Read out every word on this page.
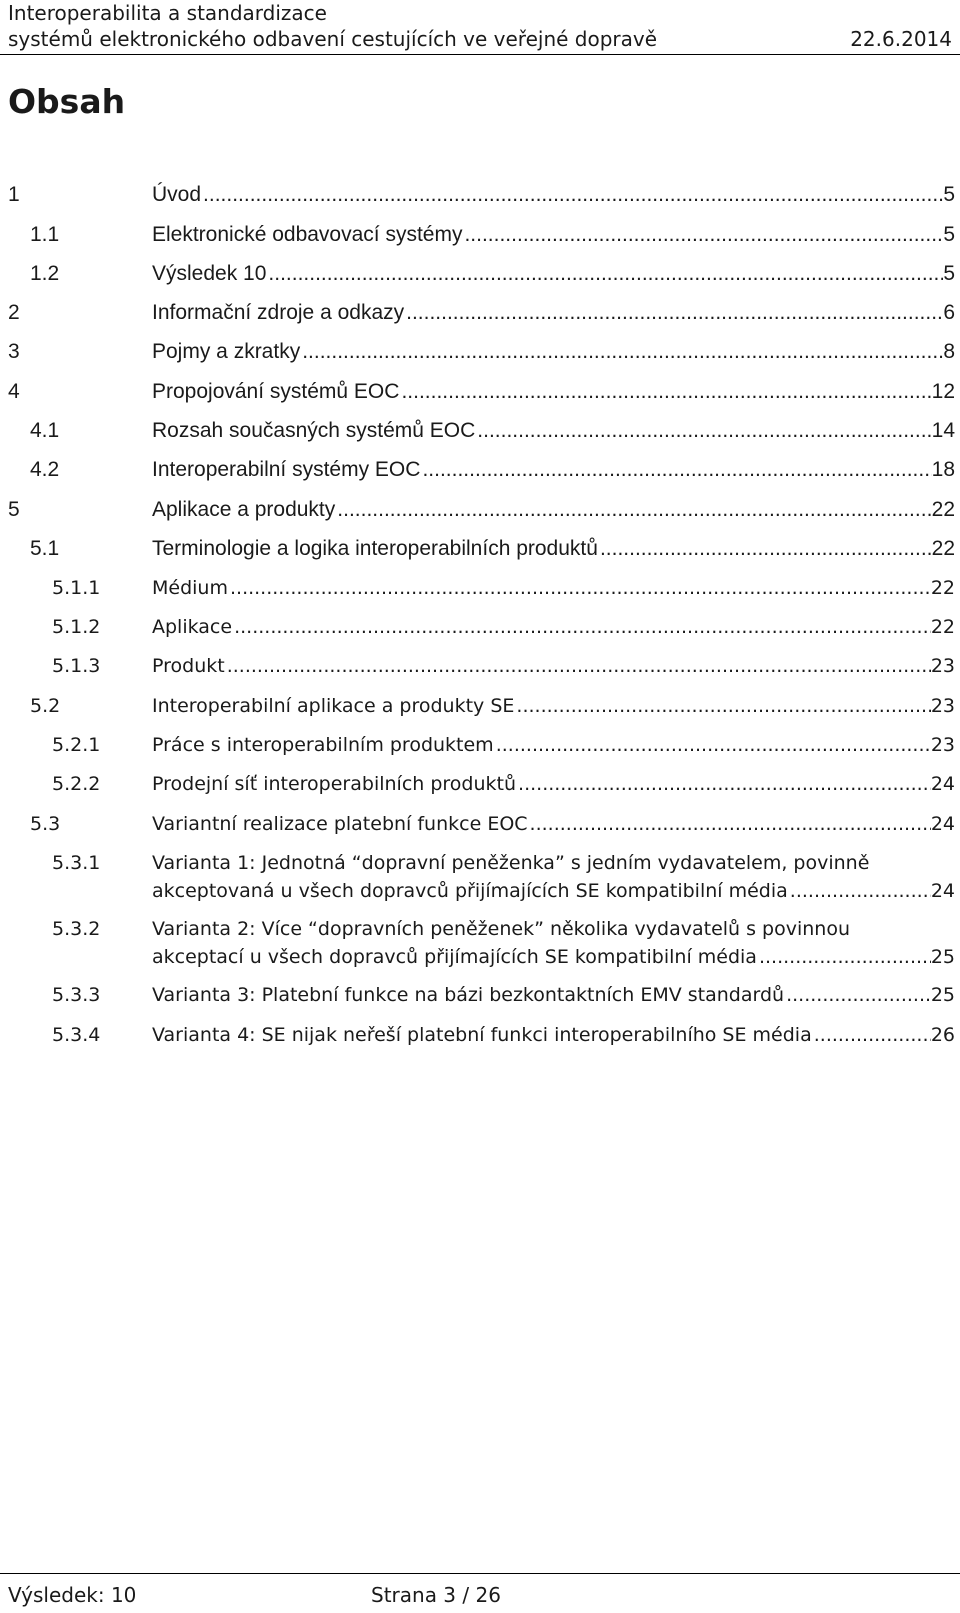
Interoperabilita a standardizace
systémů elektronického odbavení cestujících ve veřejné dopravě	22.6.2014
Obsah
1	Úvod .....	5
1.1	Elektronické odbavovací systémy .....	5
1.2	Výsledek 10 .....	5
2	Informační zdroje a odkazy .....	6
3	Pojmy a zkratky .....	8
4	Propojování systémů EOC .....	12
4.1	Rozsah současných systémů EOC .....	14
4.2	Interoperabilní systémy EOC .....	18
5	Aplikace a produkty .....	22
5.1	Terminologie a logika interoperabilních produktů .....	22
5.1.1	Médium .....	22
5.1.2	Aplikace .....	22
5.1.3	Produkt .....	23
5.2	Interoperabilní aplikace a produkty SE .....	23
5.2.1	Práce s interoperabilním produktem .....	23
5.2.2	Prodejní síť interoperabilních produktů .....	24
5.3	Variantní realizace platební funkce EOC .....	24
5.3.1	Varianta 1: Jednotná “dopravní peněženka” s jedním vydavatelem, povinně
akceptovaná u všech dopravců přijímajících SE kompatibilní média .....	24
5.3.2	Varianta 2: Více “dopravních peněženek” několika vydavatelů s povinnou
akceptací u všech dopravců přijímajících SE kompatibilní média .....	25
5.3.3	Varianta 3: Platební funkce na bázi bezkontaktních EMV standardů .....	25
5.3.4	Varianta 4: SE nijak neřeší platební funkci interoperabilního SE média .....	26
Výsledek: 10	Strana 3 / 26
